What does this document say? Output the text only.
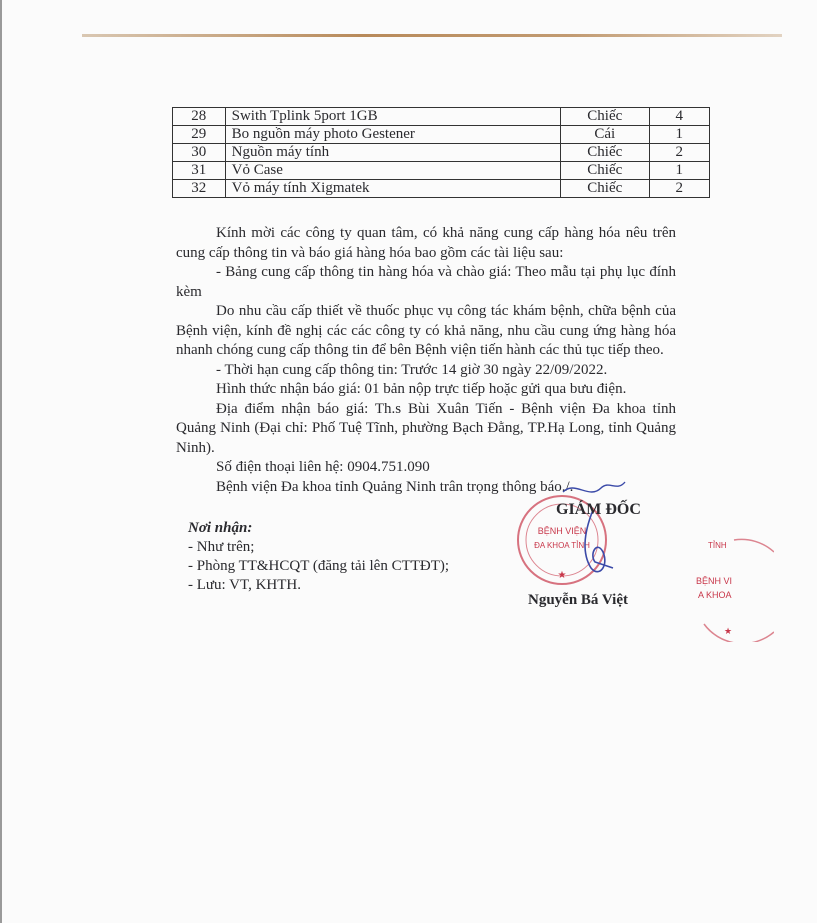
28	Swith Tplink 5port 1GB	Chiếc	4
29	Bo nguồn máy photo Gestener	Cái	1
30	Nguồn máy tính	Chiếc	2
31	Vỏ Case	Chiếc	1
32	Vỏ máy tính Xigmatek	Chiếc	2

Kính mời các công ty quan tâm, có khả năng cung cấp hàng hóa nêu trên cung cấp thông tin và báo giá hàng hóa bao gồm các tài liệu sau:

- Bảng cung cấp thông tin hàng hóa và chào giá: Theo mẫu tại phụ lục đính kèm

Do nhu cầu cấp thiết về thuốc phục vụ công tác khám bệnh, chữa bệnh của Bệnh viện, kính đề nghị các các công ty có khả năng, nhu cầu cung ứng hàng hóa nhanh chóng cung cấp thông tin để bên Bệnh viện tiến hành các thủ tục tiếp theo.

- Thời hạn cung cấp thông tin: Trước 14 giờ 30 ngày 22/09/2022.

Hình thức nhận báo giá: 01 bản nộp trực tiếp hoặc gửi qua bưu điện.

Địa điểm nhận báo giá: Th.s Bùi Xuân Tiến - Bệnh viện Đa khoa tỉnh Quảng Ninh (Đại chỉ: Phố Tuệ Tĩnh, phường Bạch Đằng, TP.Hạ Long, tỉnh Quảng Ninh).

Số điện thoại liên hệ: 0904.751.090

Bệnh viện Đa khoa tỉnh Quảng Ninh trân trọng thông báo./.

Nơi nhận:
- Như trên;
- Phòng TT&HCQT (đăng tải lên CTTĐT);
- Lưu: VT, KHTH.
BỆNH VIỆN
ĐA KHOA TỈNH
★
TỈNH
BỆNH VI
A KHOA
★
GIÁM ĐỐC
Nguyễn Bá Việt
